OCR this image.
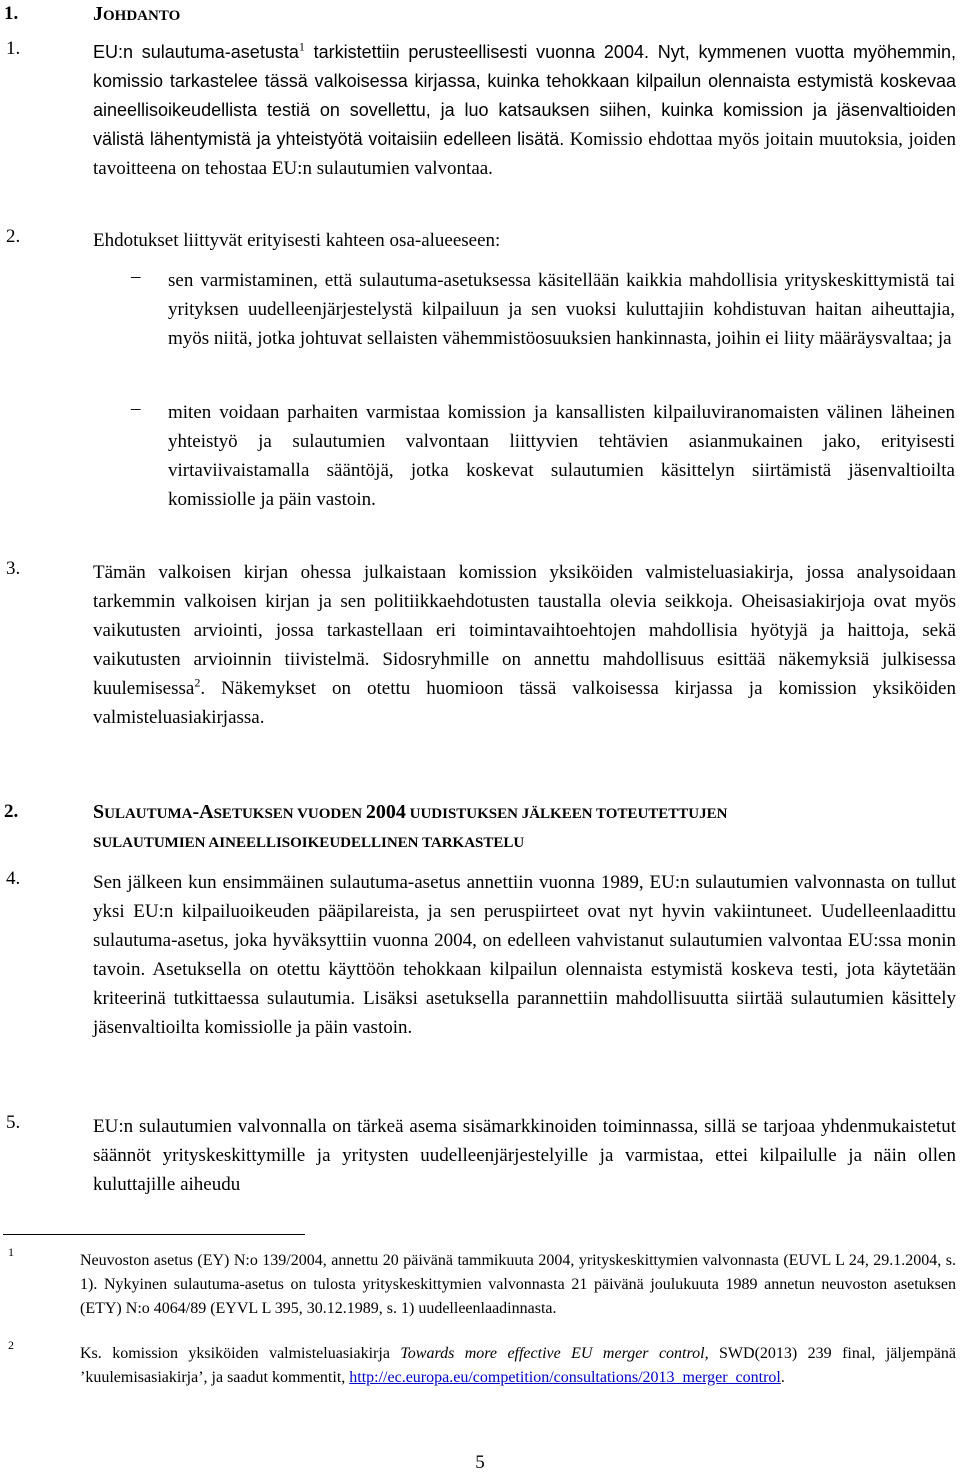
1.	JOHDANTO
1.	EU:n sulautuma-asetusta$^1$ tarkistettiin perusteellisesti vuonna 2004. Nyt, kymmenen vuotta myöhemmin, komissio tarkastelee tässä valkoisessa kirjassa, kuinka tehokkaan kilpailun olennaista estymistä koskevaa aineellisoikeudellista testiä on sovellettu, ja luo katsauksen siihen, kuinka komission ja jäsenvaltioiden välistä lähentymistä ja yhteistyötä voitaisiin edelleen lisätä. Komissio ehdottaa myös joitain muutoksia, joiden tavoitteena on tehostaa EU:n sulautumien valvontaa.
2.	Ehdotukset liittyvät erityisesti kahteen osa-alueeseen:
– sen varmistaminen, että sulautuma-asetuksessa käsitellään kaikkia mahdollisia yrityskeskittymistä tai yrityksen uudelleenjärjestelystä kilpailuun ja sen vuoksi kuluttajiin kohdistuvan haitan aiheuttajia, myös niitä, jotka johtuvat sellaisten vähemmistöosuuksien hankinnasta, joihin ei liity määräysvaltaa; ja
– miten voidaan parhaiten varmistaa komission ja kansallisten kilpailuviranomaisten välinen läheinen yhteistyö ja sulautumien valvontaan liittyvien tehtävien asianmukainen jako, erityisesti virtaviivaistamalla sääntöjä, jotka koskevat sulautumien käsittelyn siirtämistä jäsenvaltioilta komissiolle ja päin vastoin.
3.	Tämän valkoisen kirjan ohessa julkaistaan komission yksiköiden valmisteluasiakirja, jossa analysoidaan tarkemmin valkoisen kirjan ja sen politiikkaehdotusten taustalla olevia seikkoja. Oheisasiakirjoja ovat myös vaikutusten arviointi, jossa tarkastellaan eri toimintavaihtoehtojen mahdollisia hyötyjä ja haittoja, sekä vaikutusten arvioinnin tiivistelmä. Sidosryhmille on annettu mahdollisuus esittää näkemyksiä julkisessa kuulemisessa$^2$. Näkemykset on otettu huomioon tässä valkoisessa kirjassa ja komission yksiköiden valmisteluasiakirjassa.
2.	SULAUTUMA-ASETUKSEN VUODEN 2004 UUDISTUKSEN JÄLKEEN TOTEUTETTUJEN
SULAUTUMIEN AINEELLISOIKEUDELLINEN TARKASTELU
4.	Sen jälkeen kun ensimmäinen sulautuma-asetus annettiin vuonna 1989, EU:n sulautumien valvonnasta on tullut yksi EU:n kilpailuoikeuden pääpilareista, ja sen peruspiirteet ovat nyt hyvin vakiintuneet. Uudelleenlaadittu sulautuma-asetus, joka hyväksyttiin vuonna 2004, on edelleen vahvistanut sulautumien valvontaa EU:ssa monin tavoin. Asetuksella on otettu käyttöön tehokkaan kilpailun olennaista estymistä koskeva testi, jota käytetään kriteerinä tutkittaessa sulautumia. Lisäksi asetuksella parannettiin mahdollisuutta siirtää sulautumien käsittely jäsenvaltioilta komissiolle ja päin vastoin.
5.	EU:n sulautumien valvonnalla on tärkeä asema sisämarkkinoiden toiminnassa, sillä se tarjoaa yhdenmukaistetut säännöt yrityskeskittymille ja yritysten uudelleenjärjestelyille ja varmistaa, ettei kilpailulle ja näin ollen kuluttajille aiheudu
1	Neuvoston asetus (EY) N:o 139/2004, annettu 20 päivänä tammikuuta 2004, yrityskeskittymien valvonnasta (EUVL L 24, 29.1.2004, s. 1). Nykyinen sulautuma-asetus on tulosta yrityskeskittymien valvonnasta 21 päivänä joulukuuta 1989 annetun neuvoston asetuksen (ETY) N:o 4064/89 (EYVL L 395, 30.12.1989, s. 1) uudelleenlaadinnasta.
2	Ks. komission yksiköiden valmisteluasiakirja Towards more effective EU merger control, SWD(2013) 239 final, jäljempänä ’kuulemisasiakirja’, ja saadut kommentit, http://ec.europa.eu/competition/consultations/2013_merger_control.
5
